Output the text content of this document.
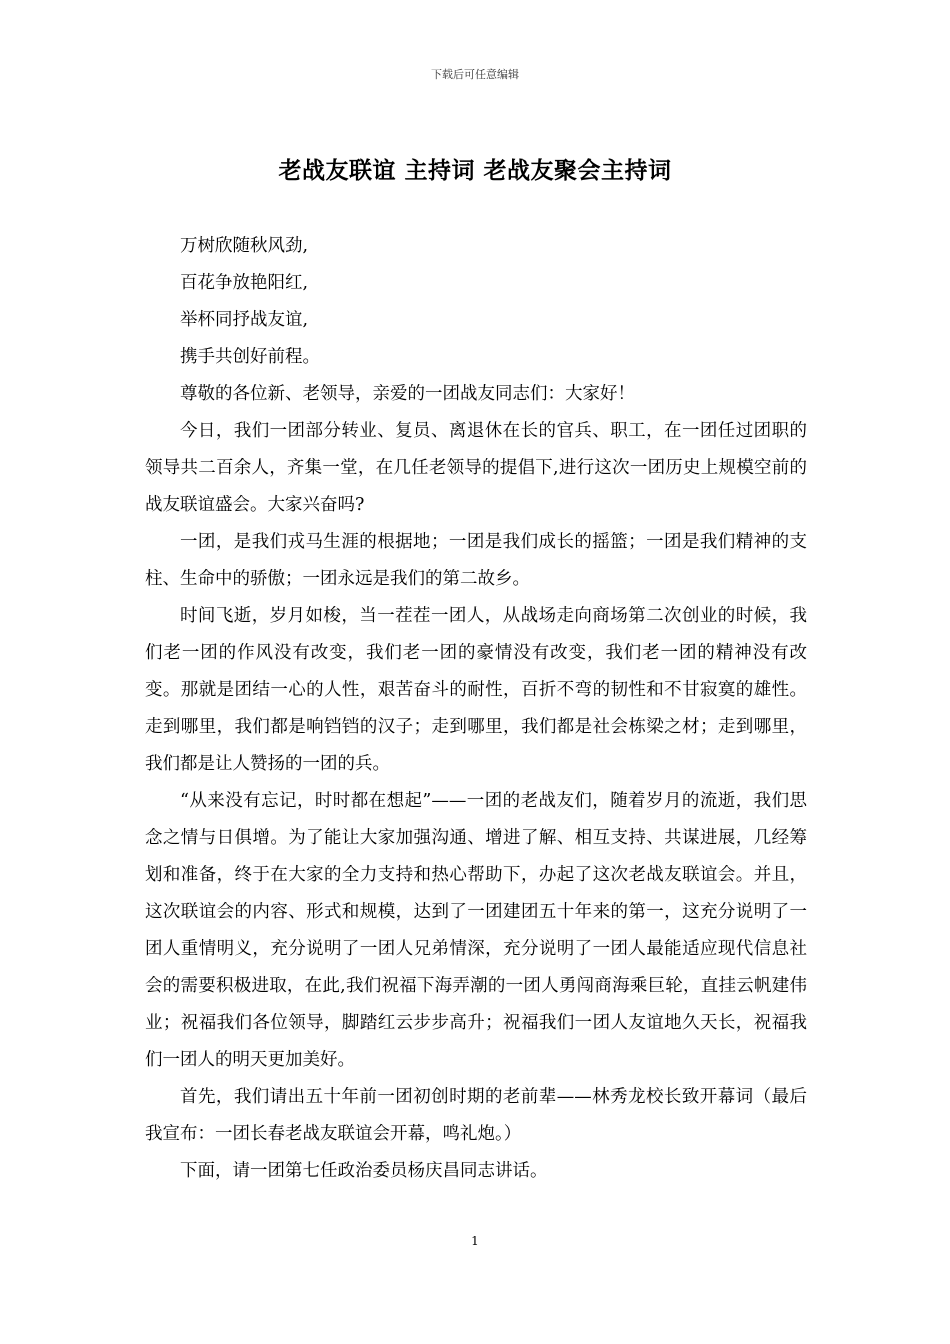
下载后可任意编辑
老战友联谊 主持词 老战友聚会主持词

万树欣随秋风劲,

百花争放艳阳红,

举杯同抒战友谊,

携手共创好前程。

尊敬的各位新、老领导，亲爱的一团战友同志们：大家好！

今日，我们一团部分转业、复员、离退休在长的官兵、职工，在一团任过团职的领导共二百余人，齐集一堂，在几任老领导的提倡下,进行这次一团历史上规模空前的战友联谊盛会。大家兴奋吗?

一团，是我们戎马生涯的根据地；一团是我们成长的摇篮；一团是我们精神的支柱、生命中的骄傲；一团永远是我们的第二故乡。

时间飞逝，岁月如梭，当一茬茬一团人，从战场走向商场第二次创业的时候，我们老一团的作风没有改变，我们老一团的豪情没有改变，我们老一团的精神没有改变。那就是团结一心的人性，艰苦奋斗的耐性，百折不弯的韧性和不甘寂寞的雄性。走到哪里，我们都是响铛铛的汉子；走到哪里，我们都是社会栋梁之材；走到哪里，我们都是让人赞扬的一团的兵。

“从来没有忘记，时时都在想起”——一团的老战友们，随着岁月的流逝，我们思念之情与日俱增。为了能让大家加强沟通、增进了解、相互支持、共谋进展，几经筹划和准备，终于在大家的全力支持和热心帮助下，办起了这次老战友联谊会。并且，这次联谊会的内容、形式和规模，达到了一团建团五十年来的第一，这充分说明了一团人重情明义，充分说明了一团人兄弟情深，充分说明了一团人最能适应现代信息社会的需要积极进取，在此,我们祝福下海弄潮的一团人勇闯商海乘巨轮，直挂云帆建伟业；祝福我们各位领导，脚踏红云步步高升；祝福我们一团人友谊地久天长，祝福我们一团人的明天更加美好。

首先，我们请出五十年前一团初创时期的老前辈——林秀龙校长致开幕词（最后我宣布：一团长春老战友联谊会开幕，鸣礼炮。）

下面，请一团第七任政治委员杨庆昌同志讲话。

1
